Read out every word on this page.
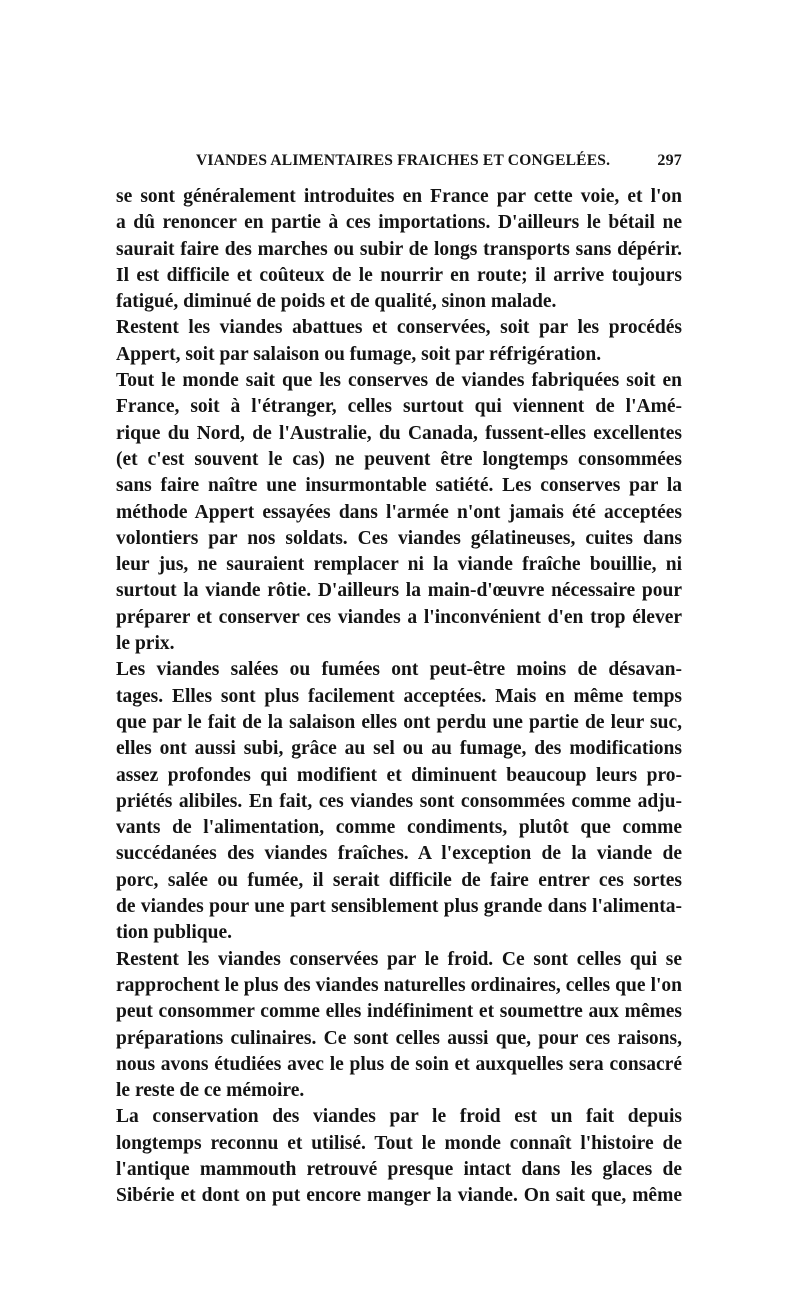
VIANDES ALIMENTAIRES FRAICHES ET CONGELÉES.	297
se sont généralement introduites en France par cette voie, et l'on
a dû renoncer en partie à ces importations. D'ailleurs le bétail ne
saurait faire des marches ou subir de longs transports sans dépérir.
Il est difficile et coûteux de le nourrir en route; il arrive toujours
fatigué, diminué de poids et de qualité, sinon malade.
Restent les viandes abattues et conservées, soit par les procédés
Appert, soit par salaison ou fumage, soit par réfrigération.
Tout le monde sait que les conserves de viandes fabriquées soit en
France, soit à l'étranger, celles surtout qui viennent de l'Amé-
rique du Nord, de l'Australie, du Canada, fussent-elles excellentes
(et c'est souvent le cas) ne peuvent être longtemps consommées
sans faire naître une insurmontable satiété. Les conserves par la
méthode Appert essayées dans l'armée n'ont jamais été acceptées
volontiers par nos soldats. Ces viandes gélatineuses, cuites dans
leur jus, ne sauraient remplacer ni la viande fraîche bouillie, ni
surtout la viande rôtie. D'ailleurs la main-d'œuvre nécessaire pour
préparer et conserver ces viandes a l'inconvénient d'en trop élever
le prix.
Les viandes salées ou fumées ont peut-être moins de désavan-
tages. Elles sont plus facilement acceptées. Mais en même temps
que par le fait de la salaison elles ont perdu une partie de leur suc,
elles ont aussi subi, grâce au sel ou au fumage, des modifications
assez profondes qui modifient et diminuent beaucoup leurs pro-
priétés alibiles. En fait, ces viandes sont consommées comme adju-
vants de l'alimentation, comme condiments, plutôt que comme
succédanées des viandes fraîches. A l'exception de la viande de
porc, salée ou fumée, il serait difficile de faire entrer ces sortes
de viandes pour une part sensiblement plus grande dans l'alimenta-
tion publique.
Restent les viandes conservées par le froid. Ce sont celles qui se
rapprochent le plus des viandes naturelles ordinaires, celles que l'on
peut consommer comme elles indéfiniment et soumettre aux mêmes
préparations culinaires. Ce sont celles aussi que, pour ces raisons,
nous avons étudiées avec le plus de soin et auxquelles sera consacré
le reste de ce mémoire.
La conservation des viandes par le froid est un fait depuis
longtemps reconnu et utilisé. Tout le monde connaît l'histoire de
l'antique mammouth retrouvé presque intact dans les glaces de
Sibérie et dont on put encore manger la viande. On sait que, même
